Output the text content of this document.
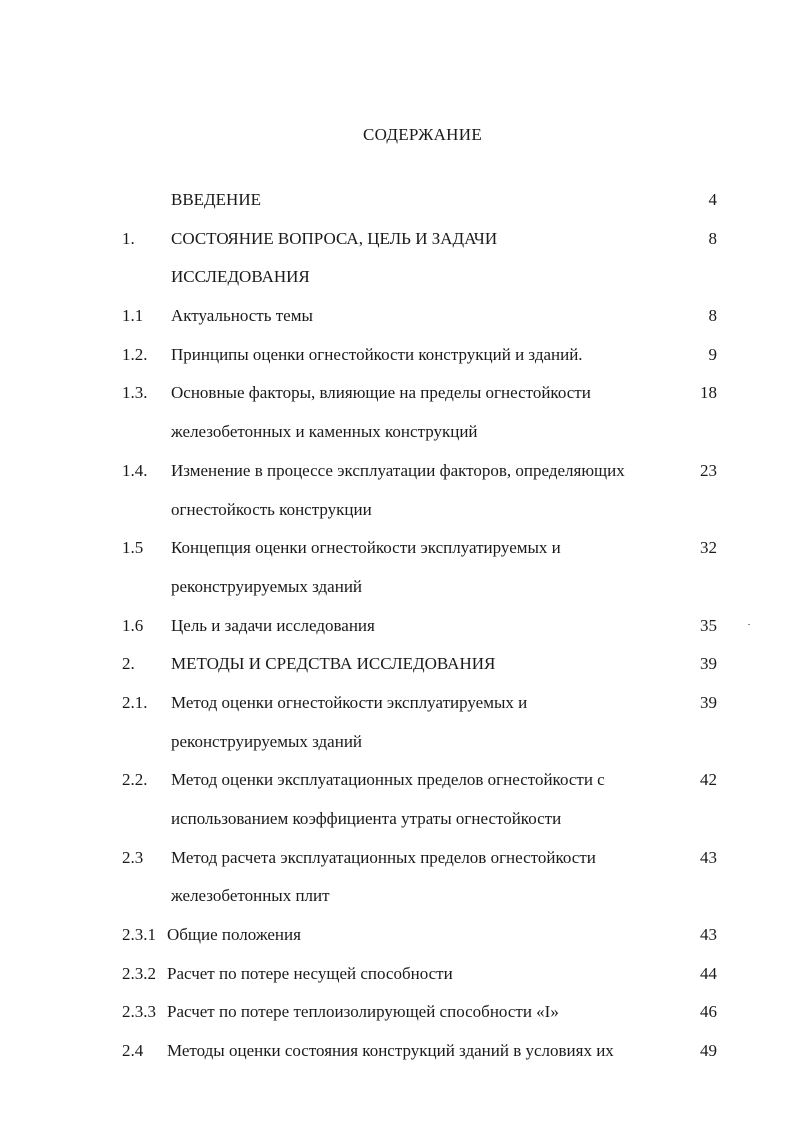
СОДЕРЖАНИЕ
ВВЕДЕНИЕ	4
1. СОСТОЯНИЕ ВОПРОСА, ЦЕЛЬ И ЗАДАЧИ	8
ИССЛЕДОВАНИЯ
1.1 Актуальность темы	8
1.2. Принципы оценки огнестойкости конструкций и зданий.	9
1.3. Основные факторы, влияющие на пределы огнестойкости	18
железобетонных и каменных конструкций
1.4. Изменение в процессе эксплуатации факторов, определяющих	23
огнестойкость конструкции
1.5 Концепция оценки огнестойкости эксплуатируемых и	32
реконструируемых зданий
1.6 Цель и задачи исследования	35
2. МЕТОДЫ И СРЕДСТВА ИССЛЕДОВАНИЯ	39
2.1. Метод оценки огнестойкости эксплуатируемых и	39
реконструируемых зданий
2.2. Метод оценки эксплуатационных пределов огнестойкости с	42
использованием коэффициента утраты огнестойкости
2.3 Метод расчета эксплуатационных пределов огнестойкости	43
железобетонных плит
2.3.1 Общие положения	43
2.3.2 Расчет по потере несущей способности	44
2.3.3 Расчет по потере теплоизолирующей способности «I»	46
2.4 Методы оценки состояния конструкций зданий в условиях их	49
